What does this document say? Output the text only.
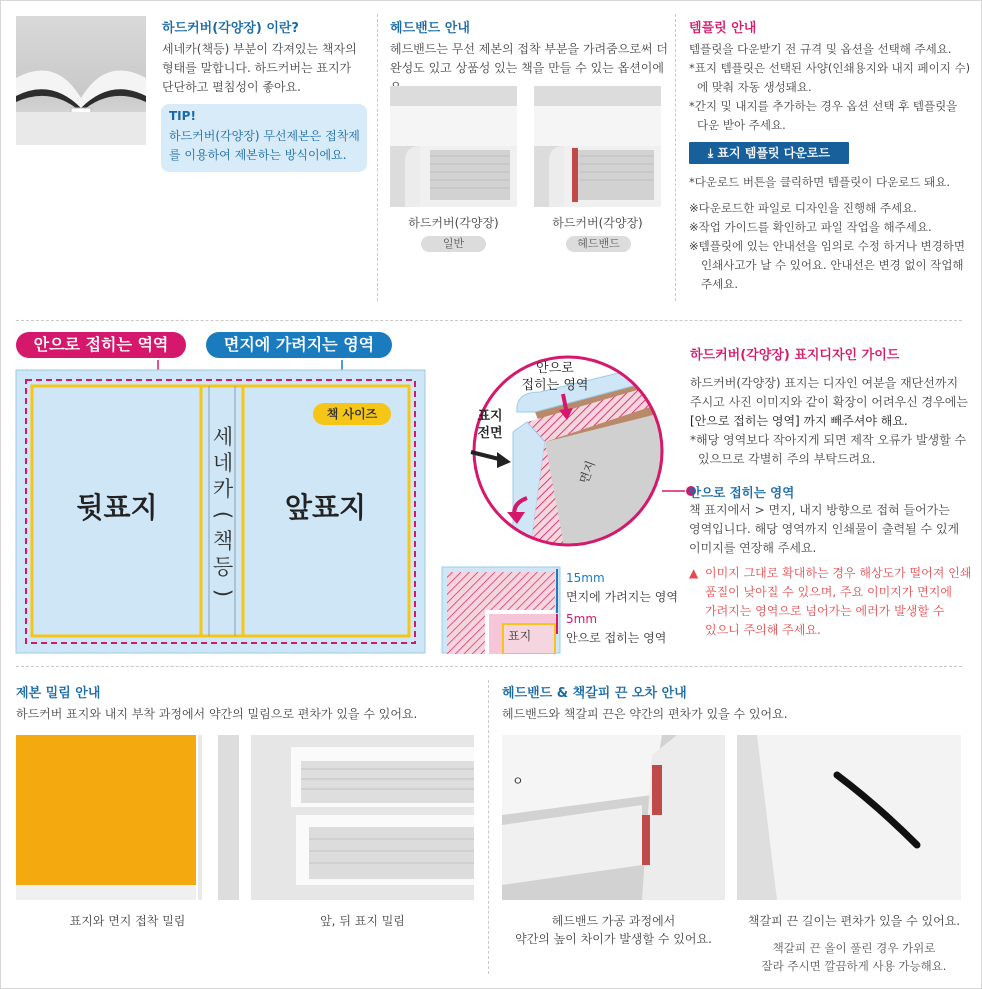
하드커버(각양장) 이란?
세네카(책등) 부분이 각져있는 책자의
형태를 말합니다. 하드커버는 표지가
단단하고 펼침성이 좋아요.
TIP!
하드커버(각양장) 무선제본은 접착제
를 이용하여 제본하는 방식이에요.
헤드밴드 안내
헤드밴드는 무선 제본의 접착 부분을 가려줌으로써 더
완성도 있고 상품성 있는 책을 만들 수 있는 옵션이에
하드커버(각양장)
일반
하드커버(각양장)
헤드밴드
템플릿 안내
템플릿을 다운받기 전 규격 및 옵션을 선택해 주세요.
*표지 템플릿은 선택된 사양(인쇄용지와 내지 페이지 수)
에 맞춰 자동 생성돼요.
*간지 및 내지를 추가하는 경우 옵션 선택 후 템플릿을
다운 받아 주세요.
⤓ 표지 템플릿 다운로드
*다운로드 버튼을 클릭하면 템플릿이 다운로드 돼요.
※다운로드한 파일로 디자인을 진행해 주세요.
※작업 가이드를 확인하고 파일 작업을 해주세요.
※템플릿에 있는 안내선을 임의로 수정 하거나 변경하면
인쇄사고가 날 수 있어요. 안내선은 변경 없이 작업해
주세요.
안으로 접히는 역역	면지에 가려지는 영역
책 사이즈
뒷표지
세
네
카
(
책
등
)
앞표지
안으로
접히는 영역
표지
전면
면지
표지
15mm
면지에 가려지는 영역
5mm
안으로 접히는 영역
하드커버(각양장) 표지디자인 가이드
하드커버(각양장) 표지는 디자인 여분을 재단선까지
주시고 사진 이미지와 같이 확장이 어려우신 경우에는
[안으로 접히는 영역] 까지 빼주셔야 해요.
*해당 영역보다 작아지게 되면 제작 오류가 발생할 수
있으므로 각별히 주의 부탁드려요.
안으로 접히는 영역
책 표지에서 > 면지, 내지 방향으로 접혀 들어가는
영역입니다. 해당 영역까지 인쇄물이 출력될 수 있게
이미지를 연장해 주세요.
▲ 이미지 그대로 확대하는 경우 해상도가 떨어져 인쇄
품질이 낮아질 수 있으며, 주요 이미지가 면지에
가려지는 영역으로 넘어가는 에러가 발생할 수
있으니 주의해 주세요.
제본 밀림 안내
하드커버 표지와 내지 부착 과정에서 약간의 밀림으로 편차가 있을 수 있어요.
표지와 면지 접착 밀림	앞, 뒤 표지 밀림
헤드밴드 & 책갈피 끈 오차 안내
헤드밴드와 책갈피 끈은 약간의 편차가 있을 수 있어요.
ㅇ
헤드밴드 가공 과정에서
약간의 높이 차이가 발생할 수 있어요.
책갈피 끈 길이는 편차가 있을 수 있어요.
책갈피 끈 올이 풀린 경우 가위로
잘라 주시면 깔끔하게 사용 가능해요.
